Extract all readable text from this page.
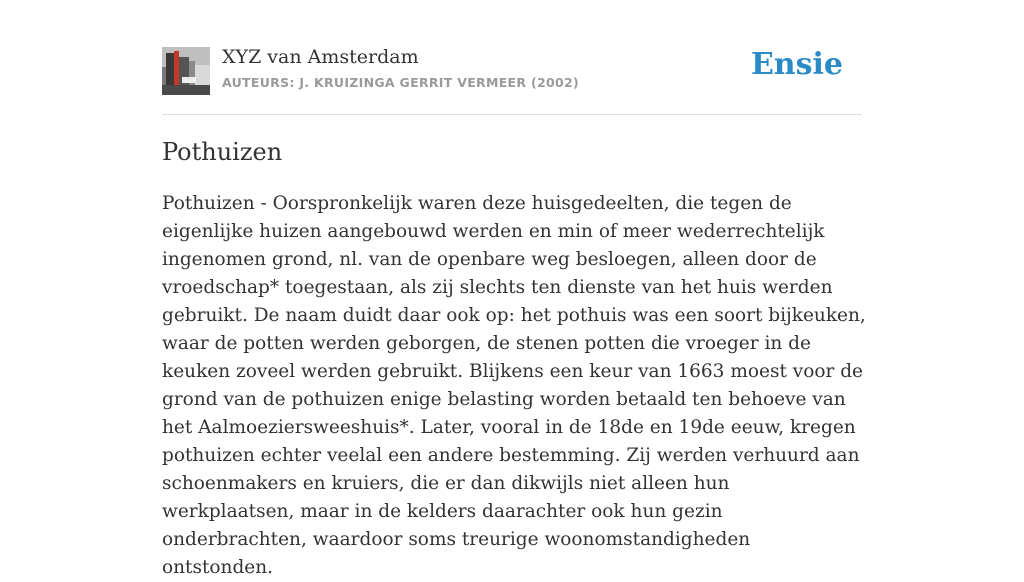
XYZ van Amsterdam
AUTEURS: J. KRUIZINGA GERRIT VERMEER (2002)
Ensie
Pothuizen

Pothuizen - Oorspronkelijk waren deze huisgedeelten, die tegen de eigenlijke huizen aangebouwd werden en min of meer wederrechtelijk ingenomen grond, nl. van de openbare weg besloegen, alleen door de vroedschap* toegestaan, als zij slechts ten dienste van het huis werden gebruikt. De naam duidt daar ook op: het pothuis was een soort bijkeuken, waar de potten werden geborgen, de stenen potten die vroeger in de keuken zoveel werden gebruikt. Blijkens een keur van 1663 moest voor de grond van de pothuizen enige belasting worden betaald ten behoeve van het Aalmoeziersweeshuis*. Later, vooral in de 18de en 19de eeuw, kregen pothuizen echter veelal een andere bestemming. Zij werden verhuurd aan schoenmakers en kruiers, die er dan dikwijls niet alleen hun werkplaatsen, maar in de kelders daarachter ook hun gezin onderbrachten, waardoor soms treurige woonomstandigheden ontstonden.
